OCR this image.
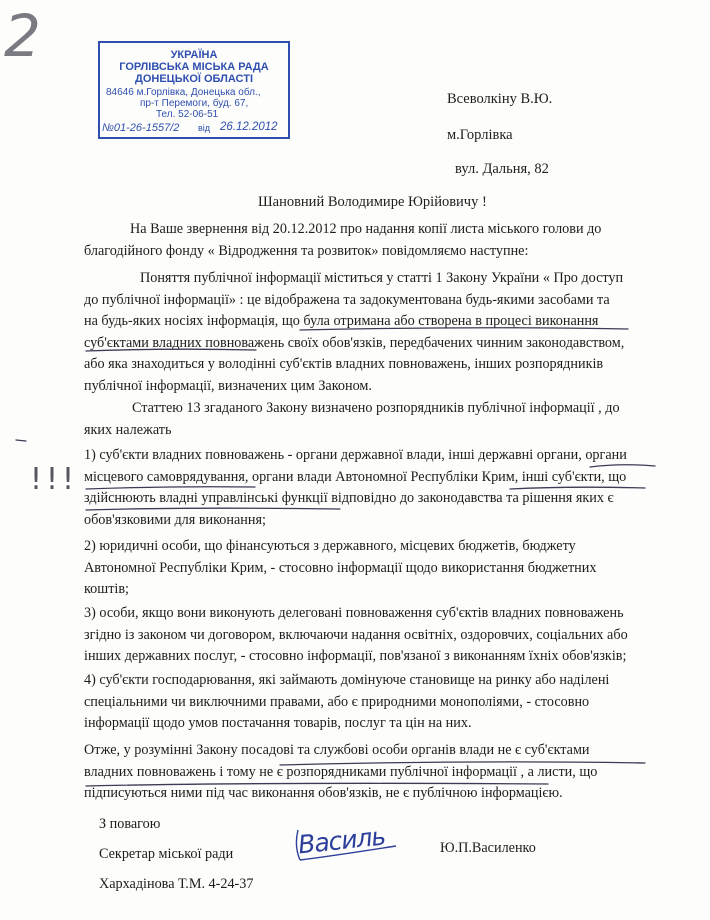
2	УКРАЇНА
ГОРЛІВСЬКА МІСЬКА РАДА
ДОНЕЦЬКОЇ ОБЛАСТІ
84646 м.Горлівка, Донецька обл.,
пр-т Перемоги, буд. 67,
Тел. 52-06-51
№01-26-1557/2 від 26.12.2012
Всеволкіну В.Ю.
м.Горлівка
вул. Дальня, 82
Шановний Володимире Юрійовичу !
На Ваше звернення від 20.12.2012 про надання копії листа міського голови до
благодійного фонду « Відродження та розвиток» повідомляємо наступне:
Поняття публічної інформації міститься у статті 1 Закону України « Про доступ
до публічної інформації» : це відображена та задокументована будь-якими засобами та
на будь-яких носіях інформація, що була отримана або створена в процесі виконання
суб'єктами владних повноважень своїх обов'язків, передбачених чинним законодавством,
або яка знаходиться у володінні суб'єктів владних повноважень, інших розпорядників
публічної інформації, визначених цим Законом.
Статтею 13 згаданого Закону визначено розпорядників публічної інформації , до
яких належать
!!!
1) суб'єкти владних повноважень - органи державної влади, інші державні органи, органи
місцевого самоврядування, органи влади Автономної Республіки Крим, інші суб'єкти, що
здійснюють владні управлінські функції відповідно до законодавства та рішення яких є
обов'язковими для виконання;
2) юридичні особи, що фінансуються з державного, місцевих бюджетів, бюджету
Автономної Республіки Крим, - стосовно інформації щодо використання бюджетних
коштів;
3) особи, якщо вони виконують делеговані повноваження суб'єктів владних повноважень
згідно із законом чи договором, включаючи надання освітніх, оздоровчих, соціальних або
інших державних послуг, - стосовно інформації, пов'язаної з виконанням їхніх обов'язків;
4) суб'єкти господарювання, які займають домінуюче становище на ринку або наділені
спеціальними чи виключними правами, або є природними монополіями, - стосовно
інформації щодо умов постачання товарів, послуг та цін на них.
Отже, у розумінні Закону посадові та службові особи органів влади не є суб'єктами
владних повноважень і тому не є розпорядниками публічної інформації , а листи, що
підписуються ними під час виконання обов'язків, не є публічною інформацією.
З повагою
Секретар міської ради	Василь	Ю.П.Василенко
Хархадінова Т.М. 4-24-37
